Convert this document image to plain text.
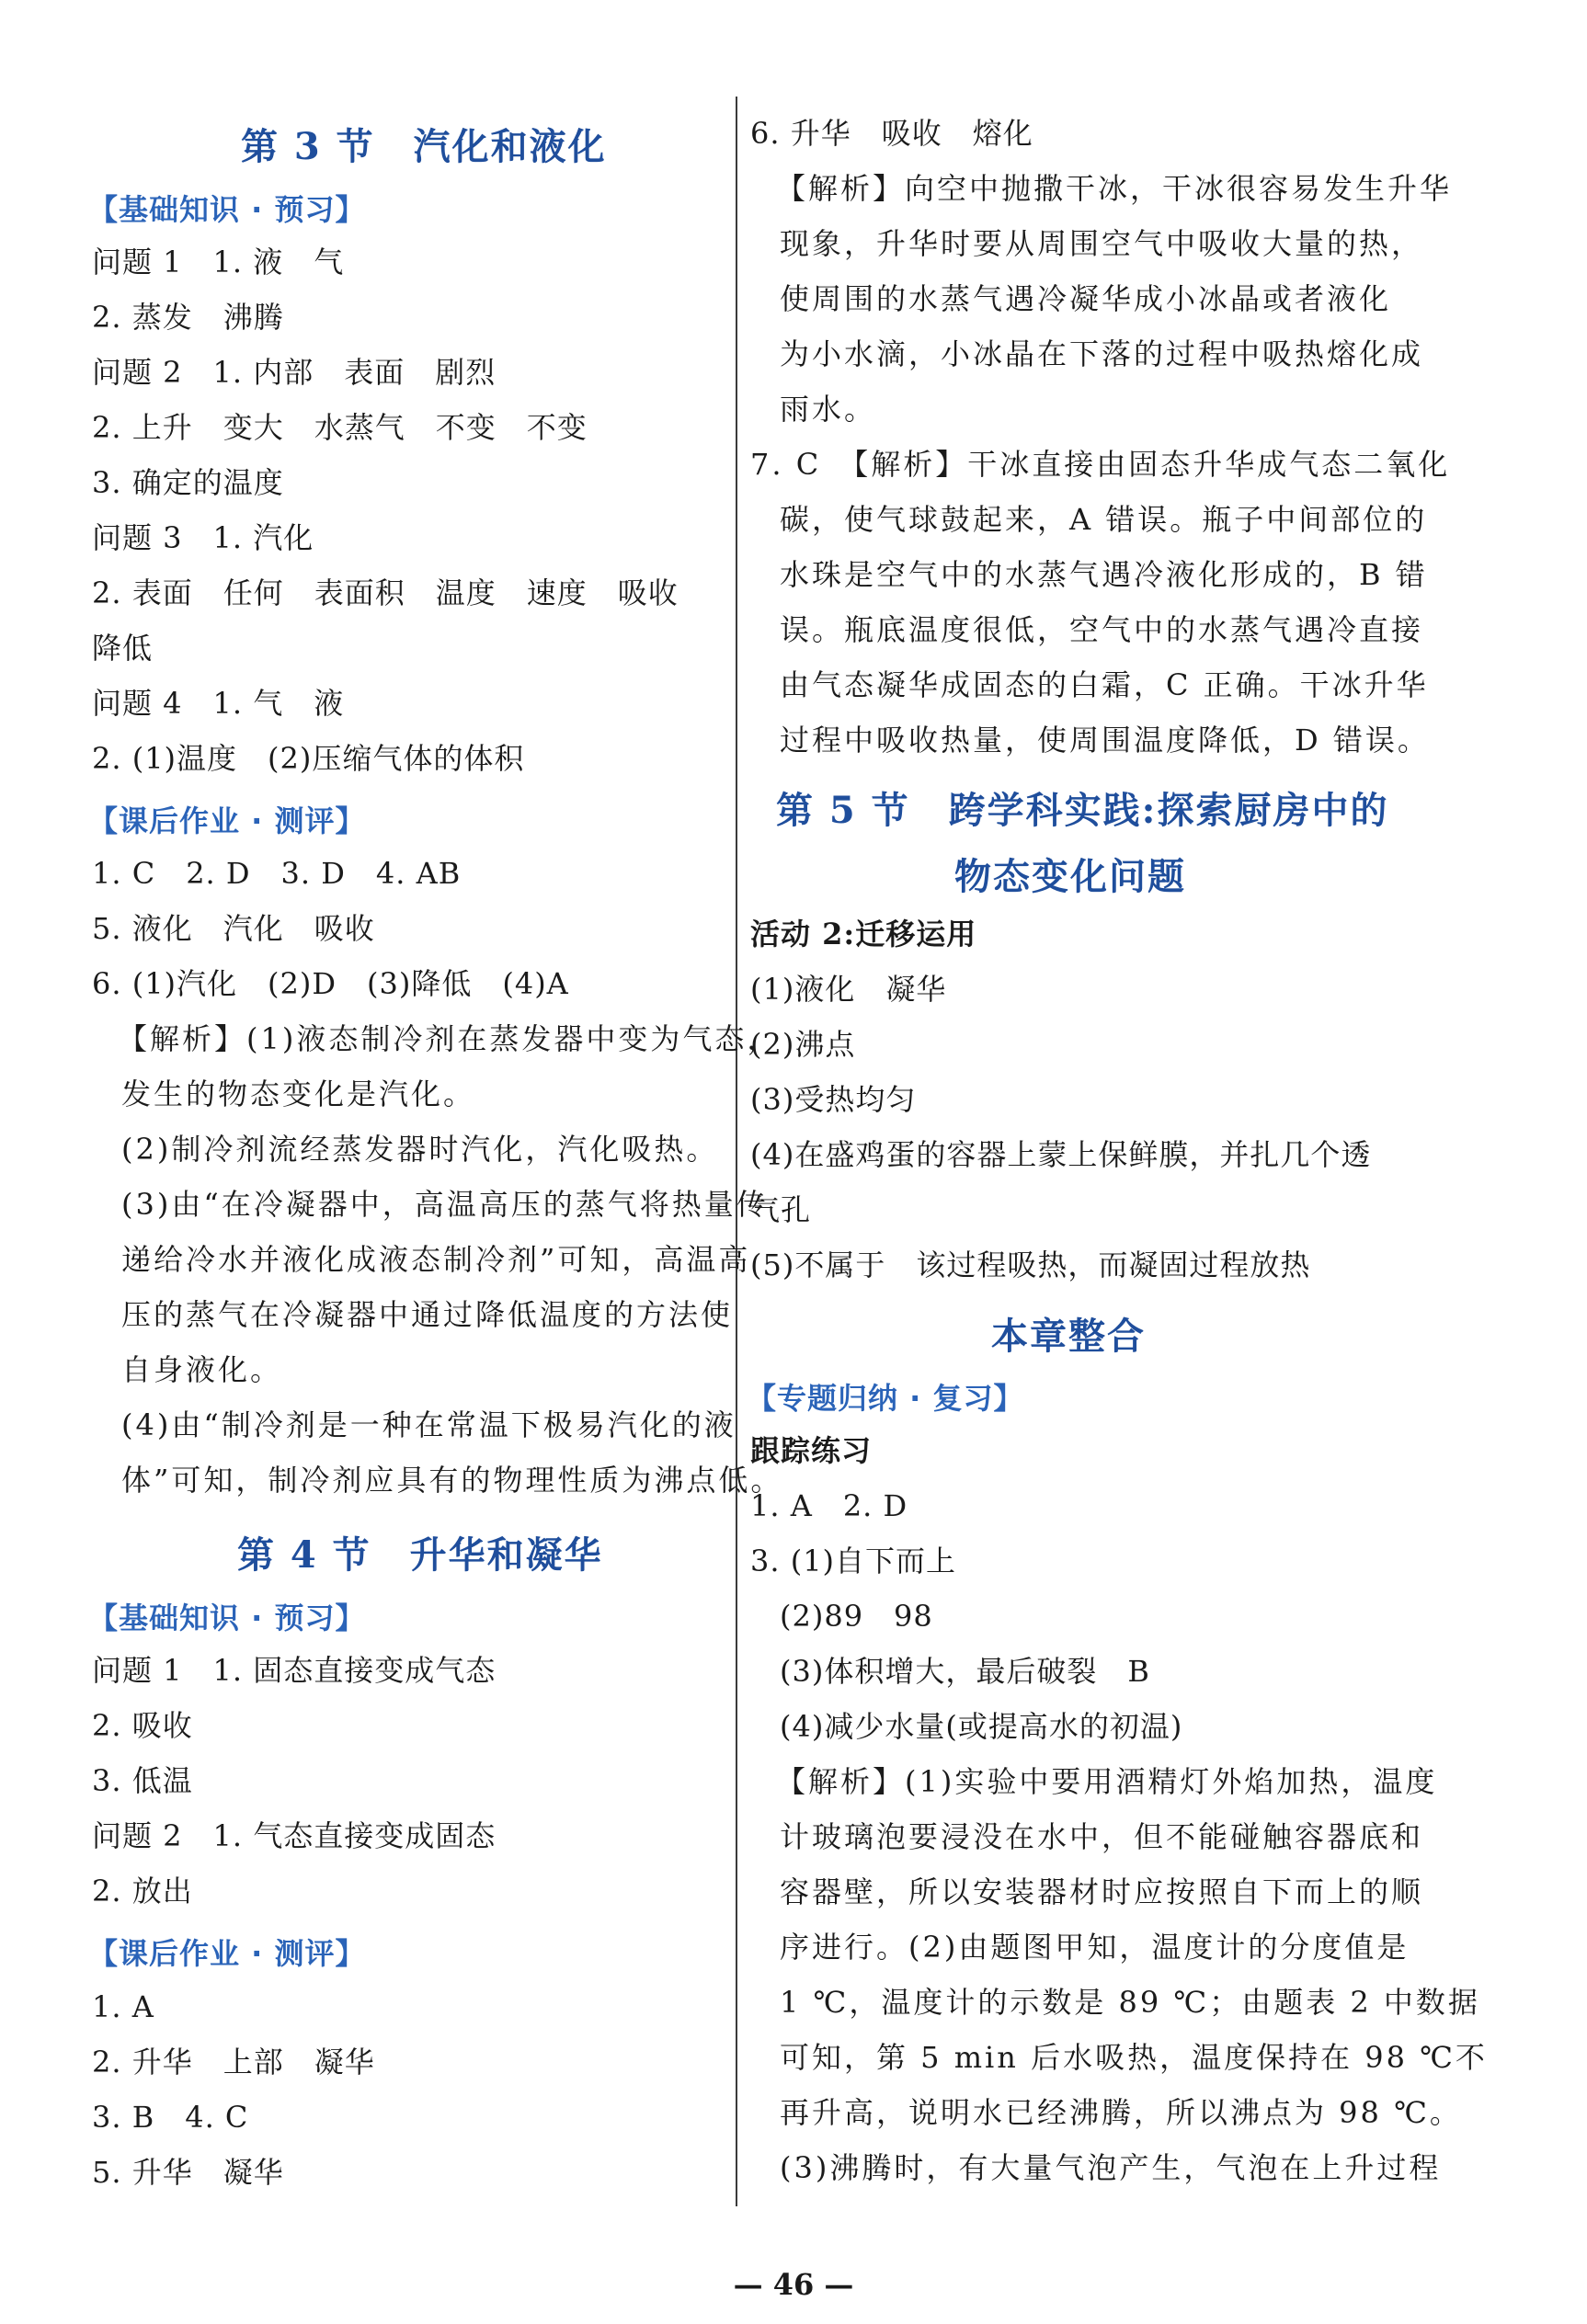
第 3 节　汽化和液化
【基础知识 · 预习】
问题 1　1. 液　气
2. 蒸发　沸腾
问题 2　1. 内部　表面　剧烈
2. 上升　变大　水蒸气　不变　不变
3. 确定的温度
问题 3　1. 汽化
2. 表面　任何　表面积　温度　速度　吸收
降低
问题 4　1. 气　液
2. (1)温度　(2)压缩气体的体积
【课后作业 · 测评】
1. C　2. D　3. D　4. AB
5. 液化　汽化　吸收
6. (1)汽化　(2)D　(3)降低　(4)A
【解析】(1)液态制冷剂在蒸发器中变为气态，
发生的物态变化是汽化。
(2)制冷剂流经蒸发器时汽化，汽化吸热。
(3)由“在冷凝器中，高温高压的蒸气将热量传
递给冷水并液化成液态制冷剂”可知，高温高
压的蒸气在冷凝器中通过降低温度的方法使
自身液化。
(4)由“制冷剂是一种在常温下极易汽化的液
体”可知，制冷剂应具有的物理性质为沸点低。
第 4 节　升华和凝华
【基础知识 · 预习】
问题 1　1. 固态直接变成气态
2. 吸收
3. 低温
问题 2　1. 气态直接变成固态
2. 放出
【课后作业 · 测评】
1. A
2. 升华　上部　凝华
3. B　4. C
5. 升华　凝华
6. 升华　吸收　熔化
【解析】向空中抛撒干冰，干冰很容易发生升华
现象，升华时要从周围空气中吸收大量的热，
使周围的水蒸气遇冷凝华成小冰晶或者液化
为小水滴，小冰晶在下落的过程中吸热熔化成
雨水。
7. C　【解析】干冰直接由固态升华成气态二氧化
碳，使气球鼓起来，A 错误。瓶子中间部位的
水珠是空气中的水蒸气遇冷液化形成的，B 错
误。瓶底温度很低，空气中的水蒸气遇冷直接
由气态凝华成固态的白霜，C 正确。干冰升华
过程中吸收热量，使周围温度降低，D 错误。
第 5 节　跨学科实践:探索厨房中的
物态变化问题
活动 2:迁移运用
(1)液化　凝华
(2)沸点
(3)受热均匀
(4)在盛鸡蛋的容器上蒙上保鲜膜，并扎几个透
气孔
(5)不属于　该过程吸热，而凝固过程放热
本章整合
【专题归纳 · 复习】
跟踪练习
1. A　2. D
3. (1)自下而上
(2)89　98
(3)体积增大，最后破裂　B
(4)减少水量(或提高水的初温)
【解析】(1)实验中要用酒精灯外焰加热，温度
计玻璃泡要浸没在水中，但不能碰触容器底和
容器壁，所以安装器材时应按照自下而上的顺
序进行。(2)由题图甲知，温度计的分度值是
1 ℃，温度计的示数是 89 ℃；由题表 2 中数据
可知，第 5 min 后水吸热，温度保持在 98 ℃不
再升高，说明水已经沸腾，所以沸点为 98 ℃。
(3)沸腾时，有大量气泡产生，气泡在上升过程
— 46 —
